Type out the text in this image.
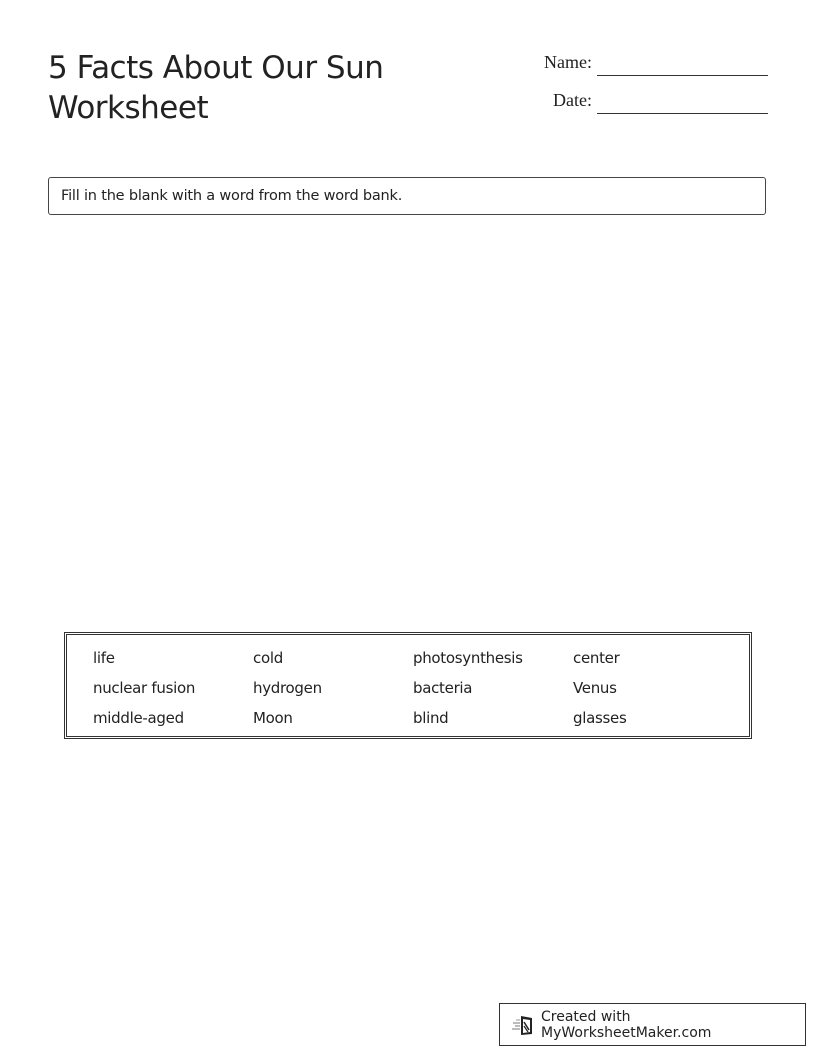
5 Facts About Our Sun Worksheet
Name:
Date:
Fill in the blank with a word from the word bank.
life	cold	photosynthesis	center
nuclear fusion	hydrogen	bacteria	Venus
middle-aged	Moon	blind	glasses
Created with MyWorksheetMaker.com
